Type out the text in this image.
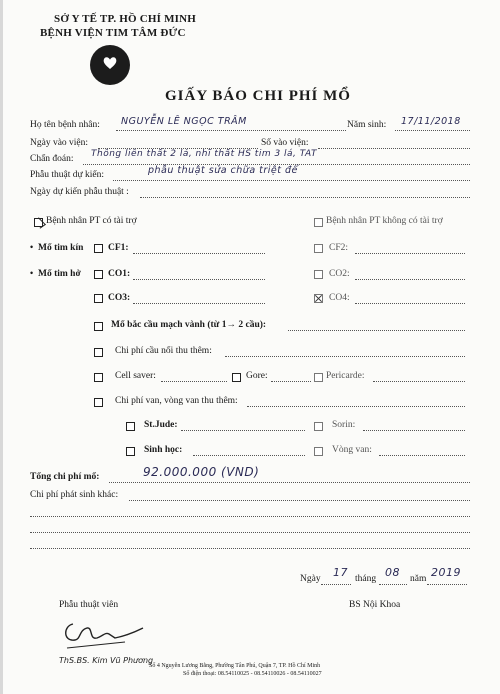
SỞ Y TẾ TP. HỒ CHÍ MINH
BỆNH VIỆN TIM TÂM ĐỨC
GIẤY BÁO CHI PHÍ MỔ
Họ tên bệnh nhân: NGUYỄN LÊ NGỌC TRÂM	Năm sinh: 17/11/2018
Ngày vào viện:	Số vào viện:
Chẩn đoán: Thông liên thất 2 lá, nhĩ thất HS tim 3 lá, TAT
Phẫu thuật dự kiến:	phẫu thuật sửa chữa triệt để
Ngày dự kiến phẫu thuật :
Bệnh nhân PT có tài trợ	Bệnh nhân PT không có tài trợ
• Mổ tim kín	CF1:	CF2:
• Mổ tim hở	CO1:	CO2:
CO3:	CO4:
Mổ bắc cầu mạch vành (từ 1→ 2 cầu):
Chi phí cầu nối thu thêm:
Cell saver:	Gore:	Pericarde:
Chi phí van, vòng van thu thêm:
St.Jude:	Sorin:
Sinh học:	Vòng van:
Tổng chi phí mổ:	92.000.000 (VND)
Chi phí phát sinh khác:
Ngày 17 tháng 08 năm 2019
Phẫu thuật viên	BS Nội Khoa
ThS.BS. Kim Vũ Phương
Số 4 Nguyễn Lương Bằng, Phường Tân Phú, Quận 7, TP. Hồ Chí Minh
Số điện thoại: 08.54110025 - 08.54110026 - 08.54110027
